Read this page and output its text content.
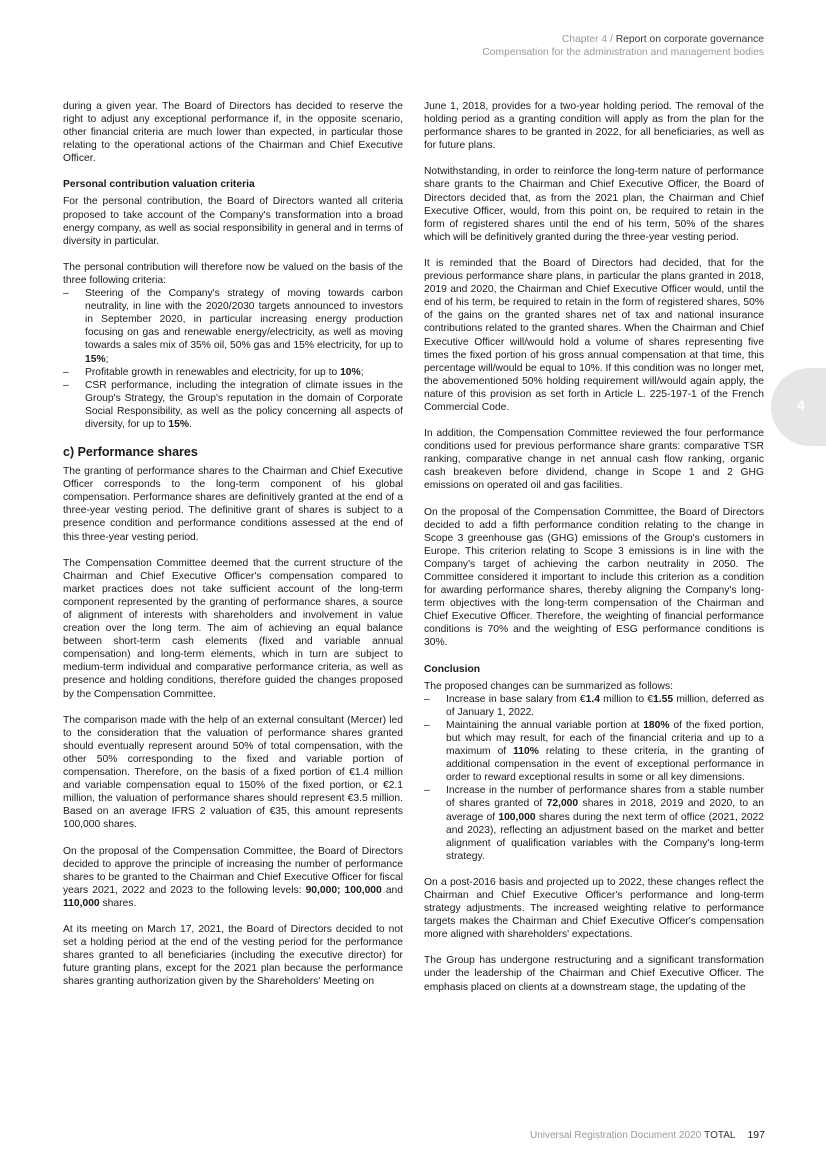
Chapter 4 / Report on corporate governance
Compensation for the administration and management bodies
4

during a given year. The Board of Directors has decided to reserve the right to adjust any exceptional performance if, in the opposite scenario, other financial criteria are much lower than expected, in particular those relating to the operational actions of the Chairman and Chief Executive Officer.

Personal contribution valuation criteria

For the personal contribution, the Board of Directors wanted all criteria proposed to take account of the Company's transformation into a broad energy company, as well as social responsibility in general and in terms of diversity in particular.

The personal contribution will therefore now be valued on the basis of the three following criteria:

– Steering of the Company's strategy of moving towards carbon neutrality, in line with the 2020/2030 targets announced to investors in September 2020, in particular increasing energy production focusing on gas and renewable energy/electricity, as well as moving towards a sales mix of 35% oil, 50% gas and 15% electricity, for up to 15%;
– Profitable growth in renewables and electricity, for up to 10%;
– CSR performance, including the integration of climate issues in the Group's Strategy, the Group's reputation in the domain of Corporate Social Responsibility, as well as the policy concerning all aspects of diversity, for up to 15%.
c) Performance shares

The granting of performance shares to the Chairman and Chief Executive Officer corresponds to the long-term component of his global compensation. Performance shares are definitively granted at the end of a three-year vesting period. The definitive grant of shares is subject to a presence condition and performance conditions assessed at the end of this three-year vesting period.

The Compensation Committee deemed that the current structure of the Chairman and Chief Executive Officer's compensation compared to market practices does not take sufficient account of the long-term component represented by the granting of performance shares, a source of alignment of interests with shareholders and involvement in value creation over the long term. The aim of achieving an equal balance between short-term cash elements (fixed and variable annual compensation) and long-term elements, which in turn are subject to medium-term individual and comparative performance criteria, as well as presence and holding conditions, therefore guided the changes proposed by the Compensation Committee.

The comparison made with the help of an external consultant (Mercer) led to the consideration that the valuation of performance shares granted should eventually represent around 50% of total compensation, with the other 50% corresponding to the fixed and variable portion of compensation. Therefore, on the basis of a fixed portion of €1.4 million and variable compensation equal to 150% of the fixed portion, or €2.1 million, the valuation of performance shares should represent €3.5 million. Based on an average IFRS 2 valuation of €35, this amount represents 100,000 shares.

On the proposal of the Compensation Committee, the Board of Directors decided to approve the principle of increasing the number of performance shares to be granted to the Chairman and Chief Executive Officer for fiscal years 2021, 2022 and 2023 to the following levels: 90,000; 100,000 and 110,000 shares.

At its meeting on March 17, 2021, the Board of Directors decided to not set a holding period at the end of the vesting period for the performance shares granted to all beneficiaries (including the executive director) for future granting plans, except for the 2021 plan because the performance shares granting authorization given by the Shareholders' Meeting on

June 1, 2018, provides for a two-year holding period. The removal of the holding period as a granting condition will apply as from the plan for the performance shares to be granted in 2022, for all beneficiaries, as well as for future plans.

Notwithstanding, in order to reinforce the long-term nature of performance share grants to the Chairman and Chief Executive Officer, the Board of Directors decided that, as from the 2021 plan, the Chairman and Chief Executive Officer, would, from this point on, be required to retain in the form of registered shares until the end of his term, 50% of the shares which will be definitively granted during the three-year vesting period.

It is reminded that the Board of Directors had decided, that for the previous performance share plans, in particular the plans granted in 2018, 2019 and 2020, the Chairman and Chief Executive Officer would, until the end of his term, be required to retain in the form of registered shares, 50% of the gains on the granted shares net of tax and national insurance contributions related to the granted shares. When the Chairman and Chief Executive Officer will/would hold a volume of shares representing five times the fixed portion of his gross annual compensation at that time, this percentage will/would be equal to 10%. If this condition was no longer met, the abovementioned 50% holding requirement will/would again apply, the nature of this provision as set forth in Article L. 225-197-1 of the French Commercial Code.

In addition, the Compensation Committee reviewed the four performance conditions used for previous performance share grants: comparative TSR ranking, comparative change in net annual cash flow ranking, organic cash breakeven before dividend, change in Scope 1 and 2 GHG emissions on operated oil and gas facilities.

On the proposal of the Compensation Committee, the Board of Directors decided to add a fifth performance condition relating to the change in Scope 3 greenhouse gas (GHG) emissions of the Group's customers in Europe. This criterion relating to Scope 3 emissions is in line with the Company's target of achieving the carbon neutrality in 2050. The Committee considered it important to include this criterion as a condition for awarding performance shares, thereby aligning the Company's long-term objectives with the long-term compensation of the Chairman and Chief Executive Officer. Therefore, the weighting of financial performance conditions is 70% and the weighting of ESG performance conditions is 30%.

Conclusion

The proposed changes can be summarized as follows:

– Increase in base salary from €1.4 million to €1.55 million, deferred as of January 1, 2022.
– Maintaining the annual variable portion at 180% of the fixed portion, but which may result, for each of the financial criteria and up to a maximum of 110% relating to these criteria, in the granting of additional compensation in the event of exceptional performance in order to reward exceptional results in some or all key dimensions.
– Increase in the number of performance shares from a stable number of shares granted of 72,000 shares in 2018, 2019 and 2020, to an average of 100,000 shares during the next term of office (2021, 2022 and 2023), reflecting an adjustment based on the market and better alignment of qualification variables with the Company's long-term strategy.

On a post-2016 basis and projected up to 2022, these changes reflect the Chairman and Chief Executive Officer's performance and long-term strategy adjustments. The increased weighting relative to performance targets makes the Chairman and Chief Executive Officer's compensation more aligned with shareholders' expectations.

The Group has undergone restructuring and a significant transformation under the leadership of the Chairman and Chief Executive Officer. The emphasis placed on clients at a downstream stage, the updating of the

Universal Registration Document 2020 TOTAL 197
